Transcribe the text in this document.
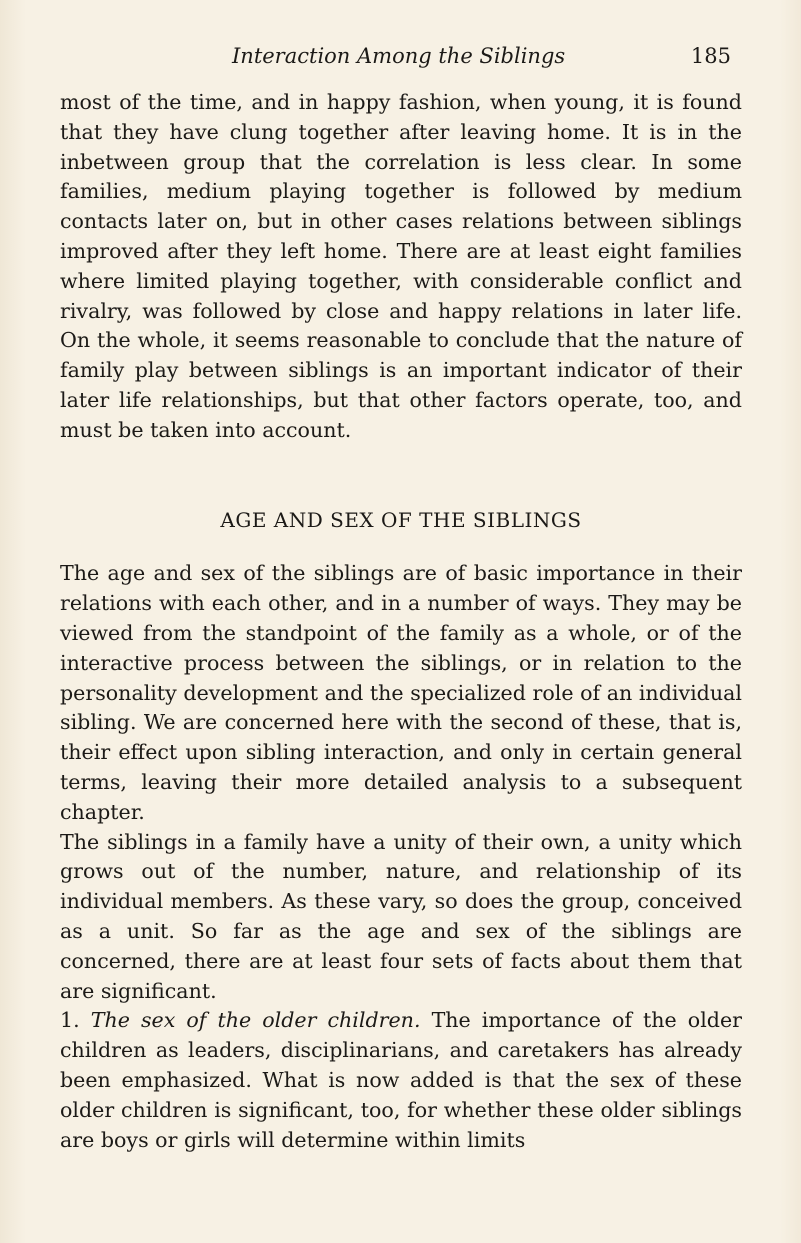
Interaction Among the Siblings	185

most of the time, and in happy fashion, when young, it is found that they have clung together after leaving home. It is in the inbetween group that the correlation is less clear. In some families, medium playing together is followed by medium contacts later on, but in other cases relations between siblings improved after they left home. There are at least eight families where limited playing together, with considerable conflict and rivalry, was followed by close and happy relations in later life. On the whole, it seems reasonable to conclude that the nature of family play between siblings is an important indicator of their later life relationships, but that other factors operate, too, and must be taken into account.

AGE AND SEX OF THE SIBLINGS

The age and sex of the siblings are of basic importance in their relations with each other, and in a number of ways. They may be viewed from the standpoint of the family as a whole, or of the interactive process between the siblings, or in relation to the personality development and the specialized role of an individual sibling. We are concerned here with the second of these, that is, their effect upon sibling interaction, and only in certain general terms, leaving their more detailed analysis to a subsequent chapter.

The siblings in a family have a unity of their own, a unity which grows out of the number, nature, and relationship of its individual members. As these vary, so does the group, conceived as a unit. So far as the age and sex of the siblings are concerned, there are at least four sets of facts about them that are significant.

1. The sex of the older children. The importance of the older children as leaders, disciplinarians, and caretakers has already been emphasized. What is now added is that the sex of these older children is significant, too, for whether these older siblings are boys or girls will determine within limits
